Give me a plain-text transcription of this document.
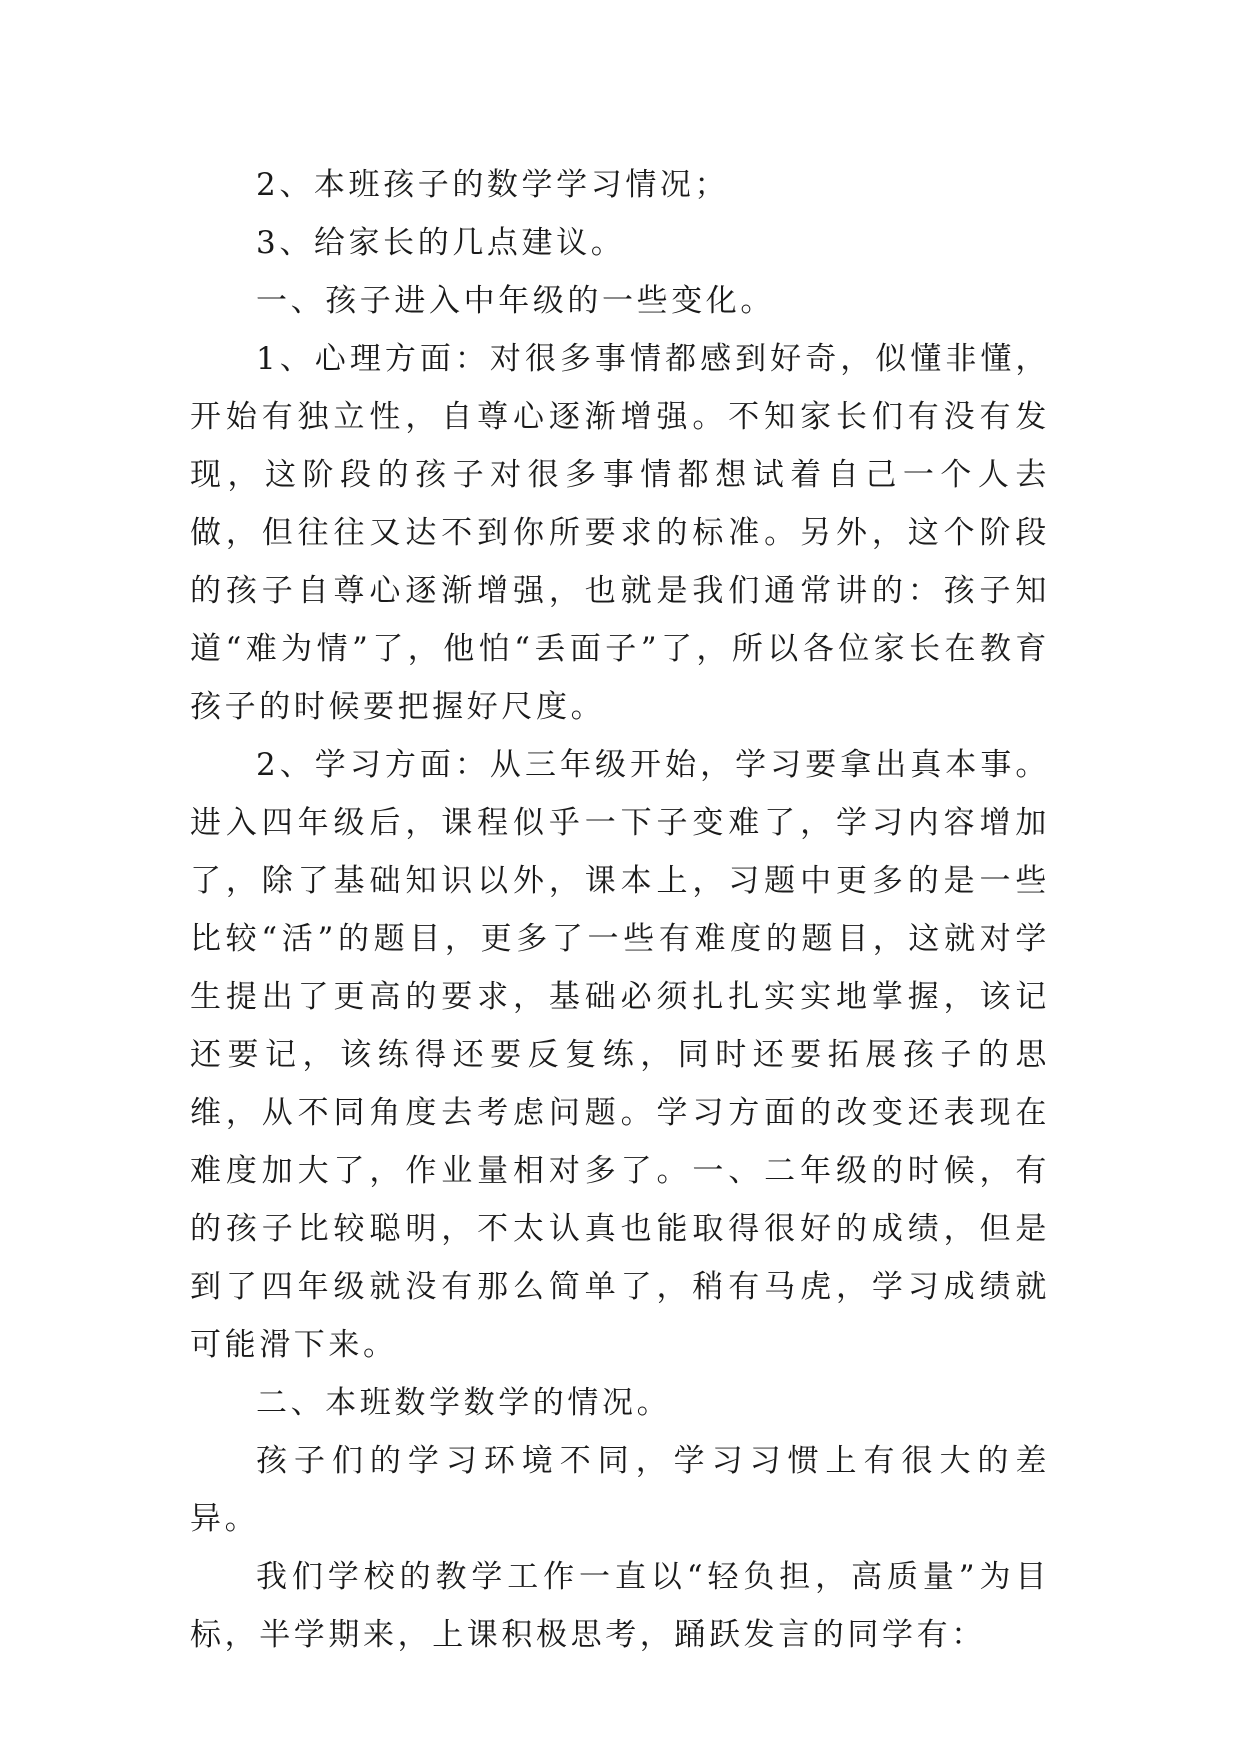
2、本班孩子的数学学习情况；

3、给家长的几点建议。

一、孩子进入中年级的一些变化。

1、心理方面：对很多事情都感到好奇，似懂非懂，开始有独立性，自尊心逐渐增强。不知家长们有没有发现，这阶段的孩子对很多事情都想试着自己一个人去做，但往往又达不到你所要求的标准。另外，这个阶段的孩子自尊心逐渐增强，也就是我们通常讲的：孩子知道“难为情”了，他怕“丢面子”了，所以各位家长在教育孩子的时候要把握好尺度。

2、学习方面：从三年级开始，学习要拿出真本事。进入四年级后，课程似乎一下子变难了，学习内容增加了，除了基础知识以外，课本上，习题中更多的是一些比较“活”的题目，更多了一些有难度的题目，这就对学生提出了更高的要求，基础必须扎扎实实地掌握，该记还要记，该练得还要反复练，同时还要拓展孩子的思维，从不同角度去考虑问题。学习方面的改变还表现在难度加大了，作业量相对多了。一、二年级的时候，有的孩子比较聪明，不太认真也能取得很好的成绩，但是到了四年级就没有那么简单了，稍有马虎，学习成绩就可能滑下来。

二、本班数学数学的情况。

孩子们的学习环境不同，学习习惯上有很大的差异。

我们学校的教学工作一直以“轻负担，高质量”为目标，半学期来，上课积极思考，踊跃发言的同学有：
